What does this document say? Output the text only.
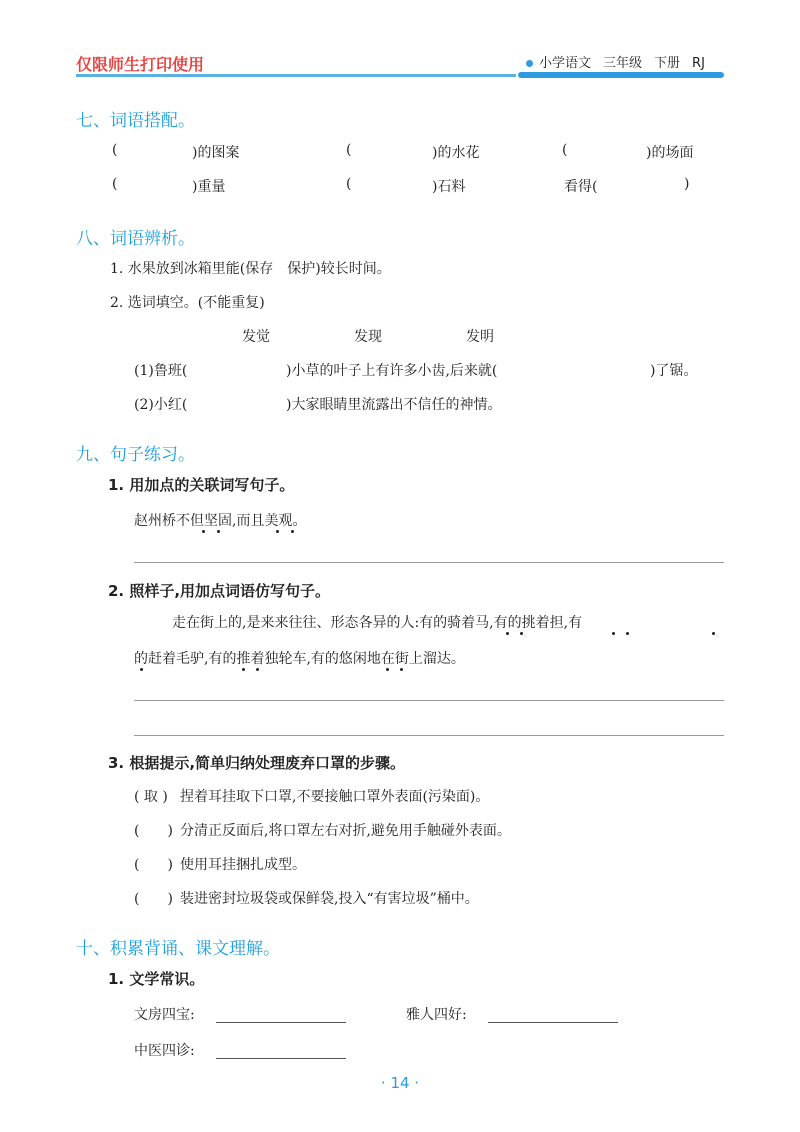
仅限师生打印使用	小学语文 三年级 下册 RJ
七、词语搭配。
(	)的图案	(	)的水花	(	)的场面
(	)重量	(	)石料	看得(	)
八、词语辨析。
1. 水果放到冰箱里能(保存　保护)较长时间。
2. 选词填空。(不能重复)
发觉	发现	发明
(1)鲁班(	)小草的叶子上有许多小齿,后来就(	)了锯。
(2)小红(	)大家眼睛里流露出不信任的神情。
九、句子练习。
1. 用加点的关联词写句子。
赵州桥不但坚固,而且美观。
2. 照样子,用加点词语仿写句子。
走在街上的,是来来往往、形态各异的人:有的骑着马,有的挑着担,有
的赶着毛驴,有的推着独轮车,有的悠闲地在街上溜达。
3. 根据提示,简单归纳处理废弃口罩的步骤。
( 取 ) 捏着耳挂取下口罩,不要接触口罩外表面(污染面)。
(　　) 分清正反面后,将口罩左右对折,避免用手触碰外表面。
(　　) 使用耳挂捆扎成型。
(　　) 装进密封垃圾袋或保鲜袋,投入“有害垃圾”桶中。
十、积累背诵、课文理解。
1. 文学常识。
文房四宝:	雅人四好:
中医四诊:
· 14 ·
